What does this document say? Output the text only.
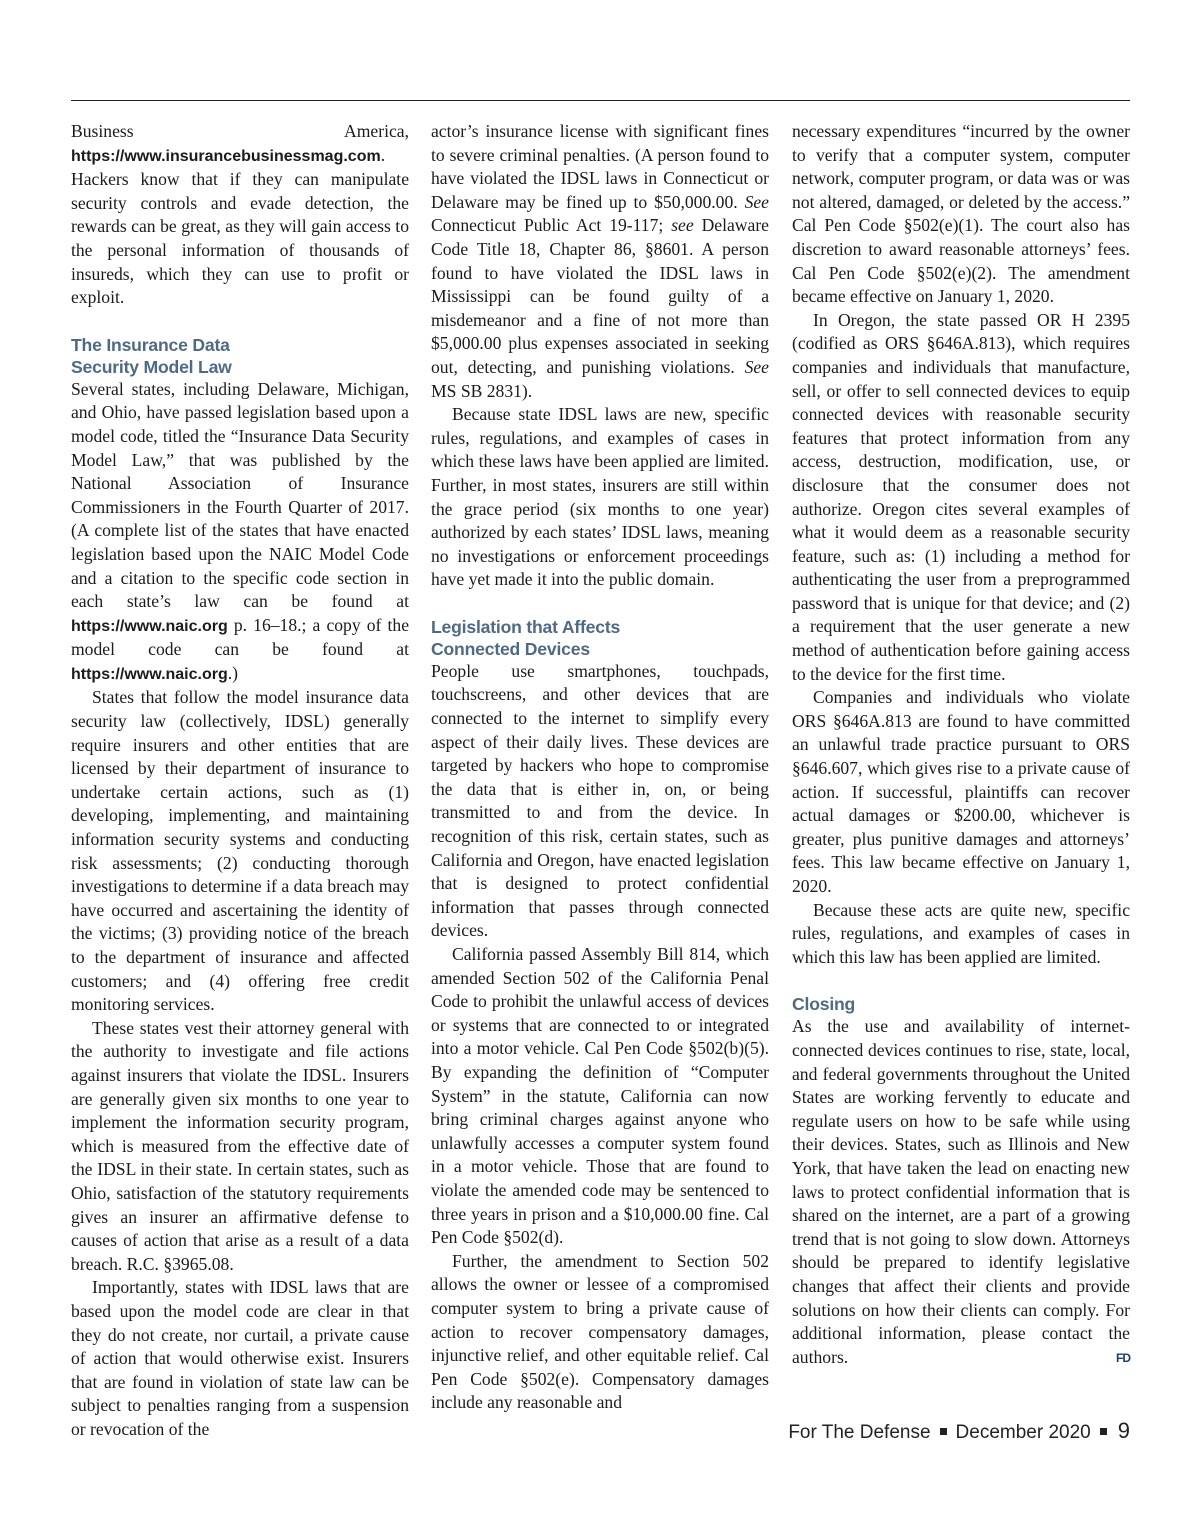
Business America, https://www.insurancebusinessmag.com. Hackers know that if they can manipulate security controls and evade detection, the rewards can be great, as they will gain access to the personal information of thousands of insureds, which they can use to profit or exploit.

The Insurance Data
Security Model Law

Several states, including Delaware, Michigan, and Ohio, have passed legislation based upon a model code, titled the “Insurance Data Security Model Law,” that was published by the National Association of Insurance Commissioners in the Fourth Quarter of 2017. (A complete list of the states that have enacted legislation based upon the NAIC Model Code and a citation to the specific code section in each state’s law can be found at https://www.naic.org p. 16–18.; a copy of the model code can be found at https://www.naic.org.)

States that follow the model insurance data security law (collectively, IDSL) generally require insurers and other entities that are licensed by their department of insurance to undertake certain actions, such as (1) developing, implementing, and maintaining information security systems and conducting risk assessments; (2) conducting thorough investigations to determine if a data breach may have occurred and ascertaining the identity of the victims; (3) providing notice of the breach to the department of insurance and affected customers; and (4) offering free credit monitoring services.

These states vest their attorney general with the authority to investigate and file actions against insurers that violate the IDSL. Insurers are generally given six months to one year to implement the information security program, which is measured from the effective date of the IDSL in their state. In certain states, such as Ohio, satisfaction of the statutory requirements gives an insurer an affirmative defense to causes of action that arise as a result of a data breach. R.C. §3965.08.

Importantly, states with IDSL laws that are based upon the model code are clear in that they do not create, nor curtail, a private cause of action that would otherwise exist. Insurers that are found in violation of state law can be subject to penalties ranging from a suspension or revocation of the

actor’s insurance license with significant fines to severe criminal penalties. (A person found to have violated the IDSL laws in Connecticut or Delaware may be fined up to $50,000.00. See Connecticut Public Act 19-117; see Delaware Code Title 18, Chapter 86, §8601. A person found to have violated the IDSL laws in Mississippi can be found guilty of a misdemeanor and a fine of not more than $5,000.00 plus expenses associated in seeking out, detecting, and punishing violations. See MS SB 2831).

Because state IDSL laws are new, specific rules, regulations, and examples of cases in which these laws have been applied are limited. Further, in most states, insurers are still within the grace period (six months to one year) authorized by each states’ IDSL laws, meaning no investigations or enforcement proceedings have yet made it into the public domain.

Legislation that Affects
Connected Devices

People use smartphones, touchpads, touchscreens, and other devices that are connected to the internet to simplify every aspect of their daily lives. These devices are targeted by hackers who hope to compromise the data that is either in, on, or being transmitted to and from the device. In recognition of this risk, certain states, such as California and Oregon, have enacted legislation that is designed to protect confidential information that passes through connected devices.

California passed Assembly Bill 814, which amended Section 502 of the California Penal Code to prohibit the unlawful access of devices or systems that are connected to or integrated into a motor vehicle. Cal Pen Code §502(b)(5). By expanding the definition of “Computer System” in the statute, California can now bring criminal charges against anyone who unlawfully accesses a computer system found in a motor vehicle. Those that are found to violate the amended code may be sentenced to three years in prison and a $10,000.00 fine. Cal Pen Code §502(d).

Further, the amendment to Section 502 allows the owner or lessee of a compromised computer system to bring a private cause of action to recover compensatory damages, injunctive relief, and other equitable relief. Cal Pen Code §502(e). Compensatory damages include any reasonable and

necessary expenditures “incurred by the owner to verify that a computer system, computer network, computer program, or data was or was not altered, damaged, or deleted by the access.” Cal Pen Code §502(e)(1). The court also has discretion to award reasonable attorneys’ fees. Cal Pen Code §502(e)(2). The amendment became effective on January 1, 2020.

In Oregon, the state passed OR H 2395 (codified as ORS §646A.813), which requires companies and individuals that manufacture, sell, or offer to sell connected devices to equip connected devices with reasonable security features that protect information from any access, destruction, modification, use, or disclosure that the consumer does not authorize. Oregon cites several examples of what it would deem as a reasonable security feature, such as: (1) including a method for authenticating the user from a preprogrammed password that is unique for that device; and (2) a requirement that the user generate a new method of authentication before gaining access to the device for the first time.

Companies and individuals who violate ORS §646A.813 are found to have committed an unlawful trade practice pursuant to ORS §646.607, which gives rise to a private cause of action. If successful, plaintiffs can recover actual damages or $200.00, whichever is greater, plus punitive damages and attorneys’ fees. This law became effective on January 1, 2020.

Because these acts are quite new, specific rules, regulations, and examples of cases in which this law has been applied are limited.

Closing

As the use and availability of internet-connected devices continues to rise, state, local, and federal governments throughout the United States are working fervently to educate and regulate users on how to be safe while using their devices. States, such as Illinois and New York, that have taken the lead on enacting new laws to protect confidential information that is shared on the internet, are a part of a growing trend that is not going to slow down. Attorneys should be prepared to identify legislative changes that affect their clients and provide solutions on how their clients can comply. For additional information, please contact the authors.	FD

For The Defense December 2020 9
